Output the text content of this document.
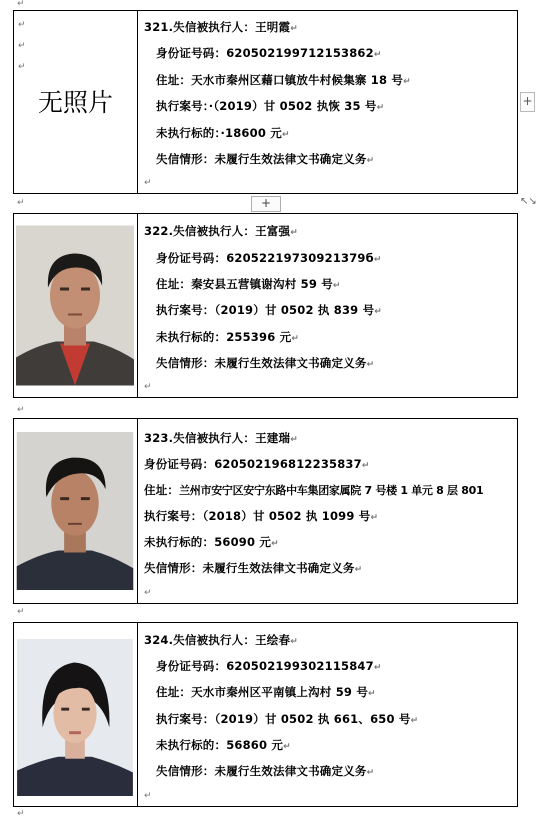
↵
↵
↵
↵
↵
↵
↵
↵
无照片
321.失信被执行人：王明霞↵
身份证号码：620502199712153862↵
住址：天水市秦州区藉口镇放牛村候集寨 18 号↵
执行案号：·（2019）甘 0502 执恢 35 号↵
未执行标的：·18600 元↵
失信情形：未履行生效法律文书确定义务↵
↵
+
+	↖↘
322.失信被执行人：王富强↵
身份证号码：62052219730921379б↵
住址：秦安县五营镇谢沟村 59 号↵
执行案号：（2019）甘 0502 执 839 号↵
未执行标的：255396 元↵
失信情形：未履行生效法律文书确定义务↵
↵
323.失信被执行人：王建瑞↵
身份证号码：620502196812235837↵
住址：兰州市安宁区安宁东路中车集团家属院 7 号楼 1 单元 8 层 801
执行案号：（2018）甘 0502 执 1099 号↵
未执行标的：56090 元↵
失信情形：未履行生效法律文书确定义务↵
↵
324.失信被执行人：王绘春↵
身份证号码：620502199302115847↵
住址：天水市秦州区平南镇上沟村 59 号↵
执行案号：（2019）甘 0502 执 661、650 号↵
未执行标的：56860 元↵
失信情形：未履行生效法律文书确定义务↵
↵
